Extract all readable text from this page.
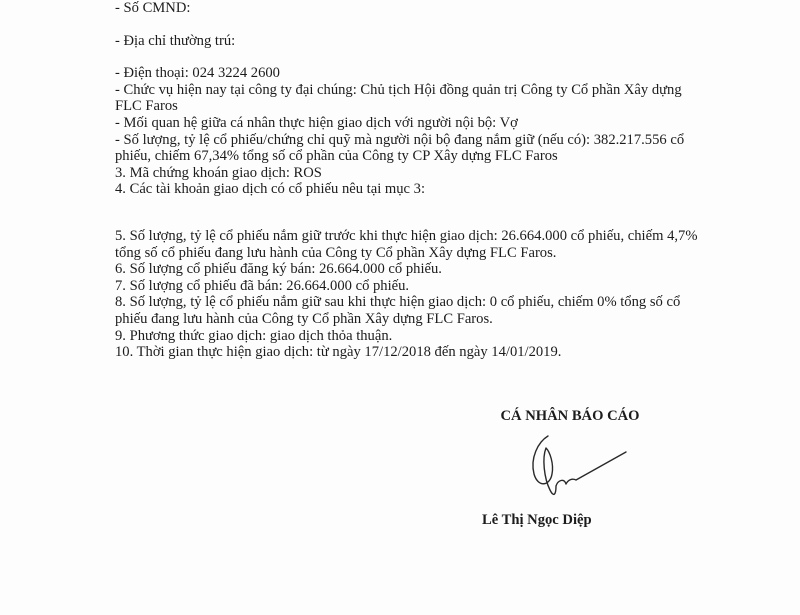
- Số CMND:
- Địa chỉ thường trú:
- Điện thoại: 024 3224 2600
- Chức vụ hiện nay tại công ty đại chúng: Chủ tịch Hội đồng quản trị Công ty Cổ phần Xây dựng
FLC Faros
- Mối quan hệ giữa cá nhân thực hiện giao dịch với người nội bộ: Vợ
- Số lượng, tỷ lệ cổ phiếu/chứng chỉ quỹ mà người nội bộ đang nắm giữ (nếu có): 382.217.556 cổ
phiếu, chiếm 67,34% tổng số cổ phần của Công ty CP Xây dựng FLC Faros
3. Mã chứng khoán giao dịch: ROS
4. Các tài khoản giao dịch có cổ phiếu nêu tại mục 3:
5. Số lượng, tỷ lệ cổ phiếu nắm giữ trước khi thực hiện giao dịch: 26.664.000 cổ phiếu, chiếm 4,7%
tổng số cổ phiếu đang lưu hành của Công ty Cổ phần Xây dựng FLC Faros.
6. Số lượng cổ phiếu đăng ký bán: 26.664.000 cổ phiếu.
7. Số lượng cổ phiếu đã bán: 26.664.000 cổ phiếu.
8. Số lượng, tỷ lệ cổ phiếu nắm giữ sau khi thực hiện giao dịch: 0 cổ phiếu, chiếm 0% tổng số cổ
phiếu đang lưu hành của Công ty Cổ phần Xây dựng FLC Faros.
9. Phương thức giao dịch: giao dịch thỏa thuận.
10. Thời gian thực hiện giao dịch: từ ngày 17/12/2018 đến ngày 14/01/2019.
CÁ NHÂN BÁO CÁO
Lê Thị Ngọc Diệp
